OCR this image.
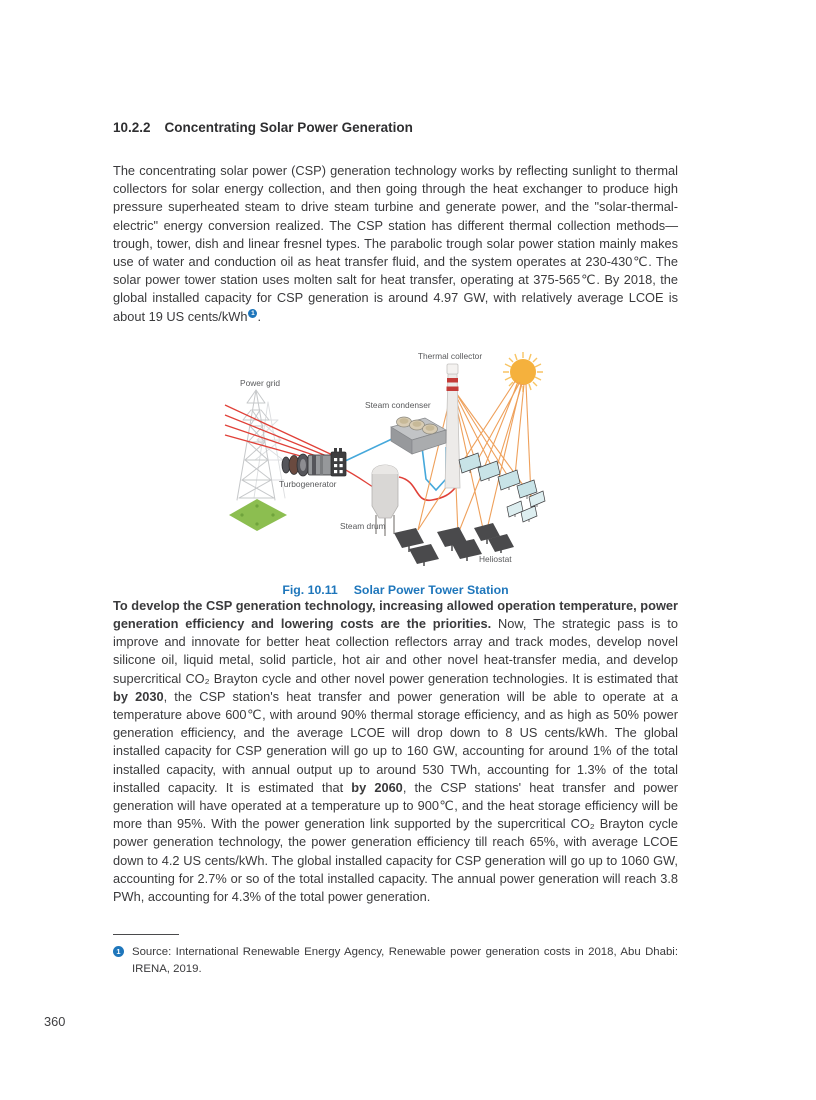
10.2.2 Concentrating Solar Power Generation

The concentrating solar power (CSP) generation technology works by reflecting sunlight to thermal collectors for solar energy collection, and then going through the heat exchanger to produce high pressure superheated steam to drive steam turbine and generate power, and the "solar-thermal-electric" energy conversion realized. The CSP station has different thermal collection methods—trough, tower, dish and linear fresnel types. The parabolic trough solar power station mainly makes use of water and conduction oil as heat transfer fluid, and the system operates at 230-430℃. The solar power tower station uses molten salt for heat transfer, operating at 375-565℃. By 2018, the global installed capacity for CSP generation is around 4.97 GW, with relatively average LCOE is about 19 US cents/kWh 1 .

Power grid
Thermal collector
Steam condenser
Turbogenerator
Steam drum
Heliostat
Fig. 10.11 Solar Power Tower Station

To develop the CSP generation technology, increasing allowed operation temperature, power generation efficiency and lowering costs are the priorities. Now, The strategic pass is to improve and innovate for better heat collection reflectors array and track modes, develop novel silicone oil, liquid metal, solid particle, hot air and other novel heat-transfer media, and develop supercritical CO₂ Brayton cycle and other novel power generation technologies. It is estimated that by 2030, the CSP station's heat transfer and power generation will be able to operate at a temperature above 600℃, with around 90% thermal storage efficiency, and as high as 50% power generation efficiency, and the average LCOE will drop down to 8 US cents/kWh. The global installed capacity for CSP generation will go up to 160 GW, accounting for around 1% of the total installed capacity, with annual output up to around 530 TWh, accounting for 1.3% of the total installed capacity. It is estimated that by 2060, the CSP stations' heat transfer and power generation will have operated at a temperature up to 900℃, and the heat storage efficiency will be more than 95%. With the power generation link supported by the supercritical CO₂ Brayton cycle power generation technology, the power generation efficiency till reach 65%, with average LCOE down to 4.2 US cents/kWh. The global installed capacity for CSP generation will go up to 1060 GW, accounting for 2.7% or so of the total installed capacity. The annual power generation will reach 3.8 PWh, accounting for 4.3% of the total power generation.

1	Source: International Renewable Energy Agency, Renewable power generation costs in 2018, Abu Dhabi: IRENA, 2019.
360
